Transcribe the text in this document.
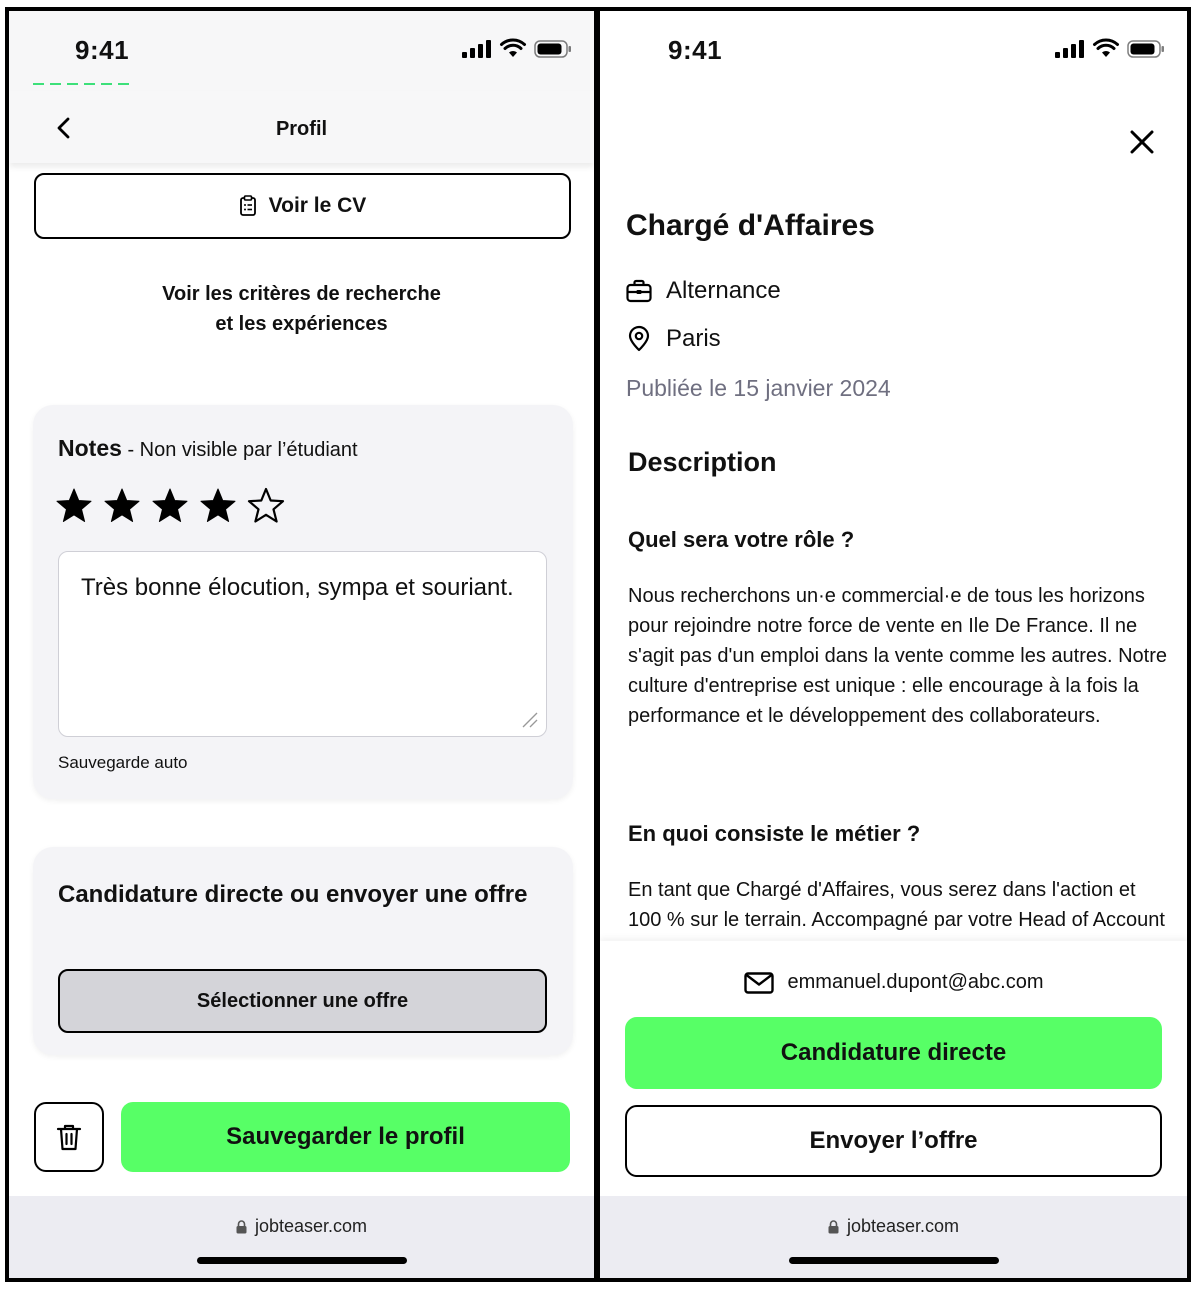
9:41
Profil
Voir le CV
Voir les critères de recherche
et les expériences
Notes - Non visible par l’étudiant
Très bonne élocution, sympa et souriant.
Sauvegarde auto
Candidature directe ou envoyer une offre
Sélectionner une offre
Sauvegarder le profil
jobteaser.com
9:41
Chargé d'Affaires
Alternance
Paris
Publiée le 15 janvier 2024
Description
Quel sera votre rôle ?
Nous recherchons un·e commercial·e de tous les horizons pour rejoindre notre force de vente en Ile De France. Il ne s'agit pas d'un emploi dans la vente comme les autres. Notre culture d'entreprise est unique : elle encourage à la fois la performance et le développement des collaborateurs.
En quoi consiste le métier ?
En tant que Chargé d'Affaires, vous serez dans l'action et 100 % sur le terrain. Accompagné par votre Head of Account
emmanuel.dupont@abc.com
Candidature directe
Envoyer l’offre
jobteaser.com
